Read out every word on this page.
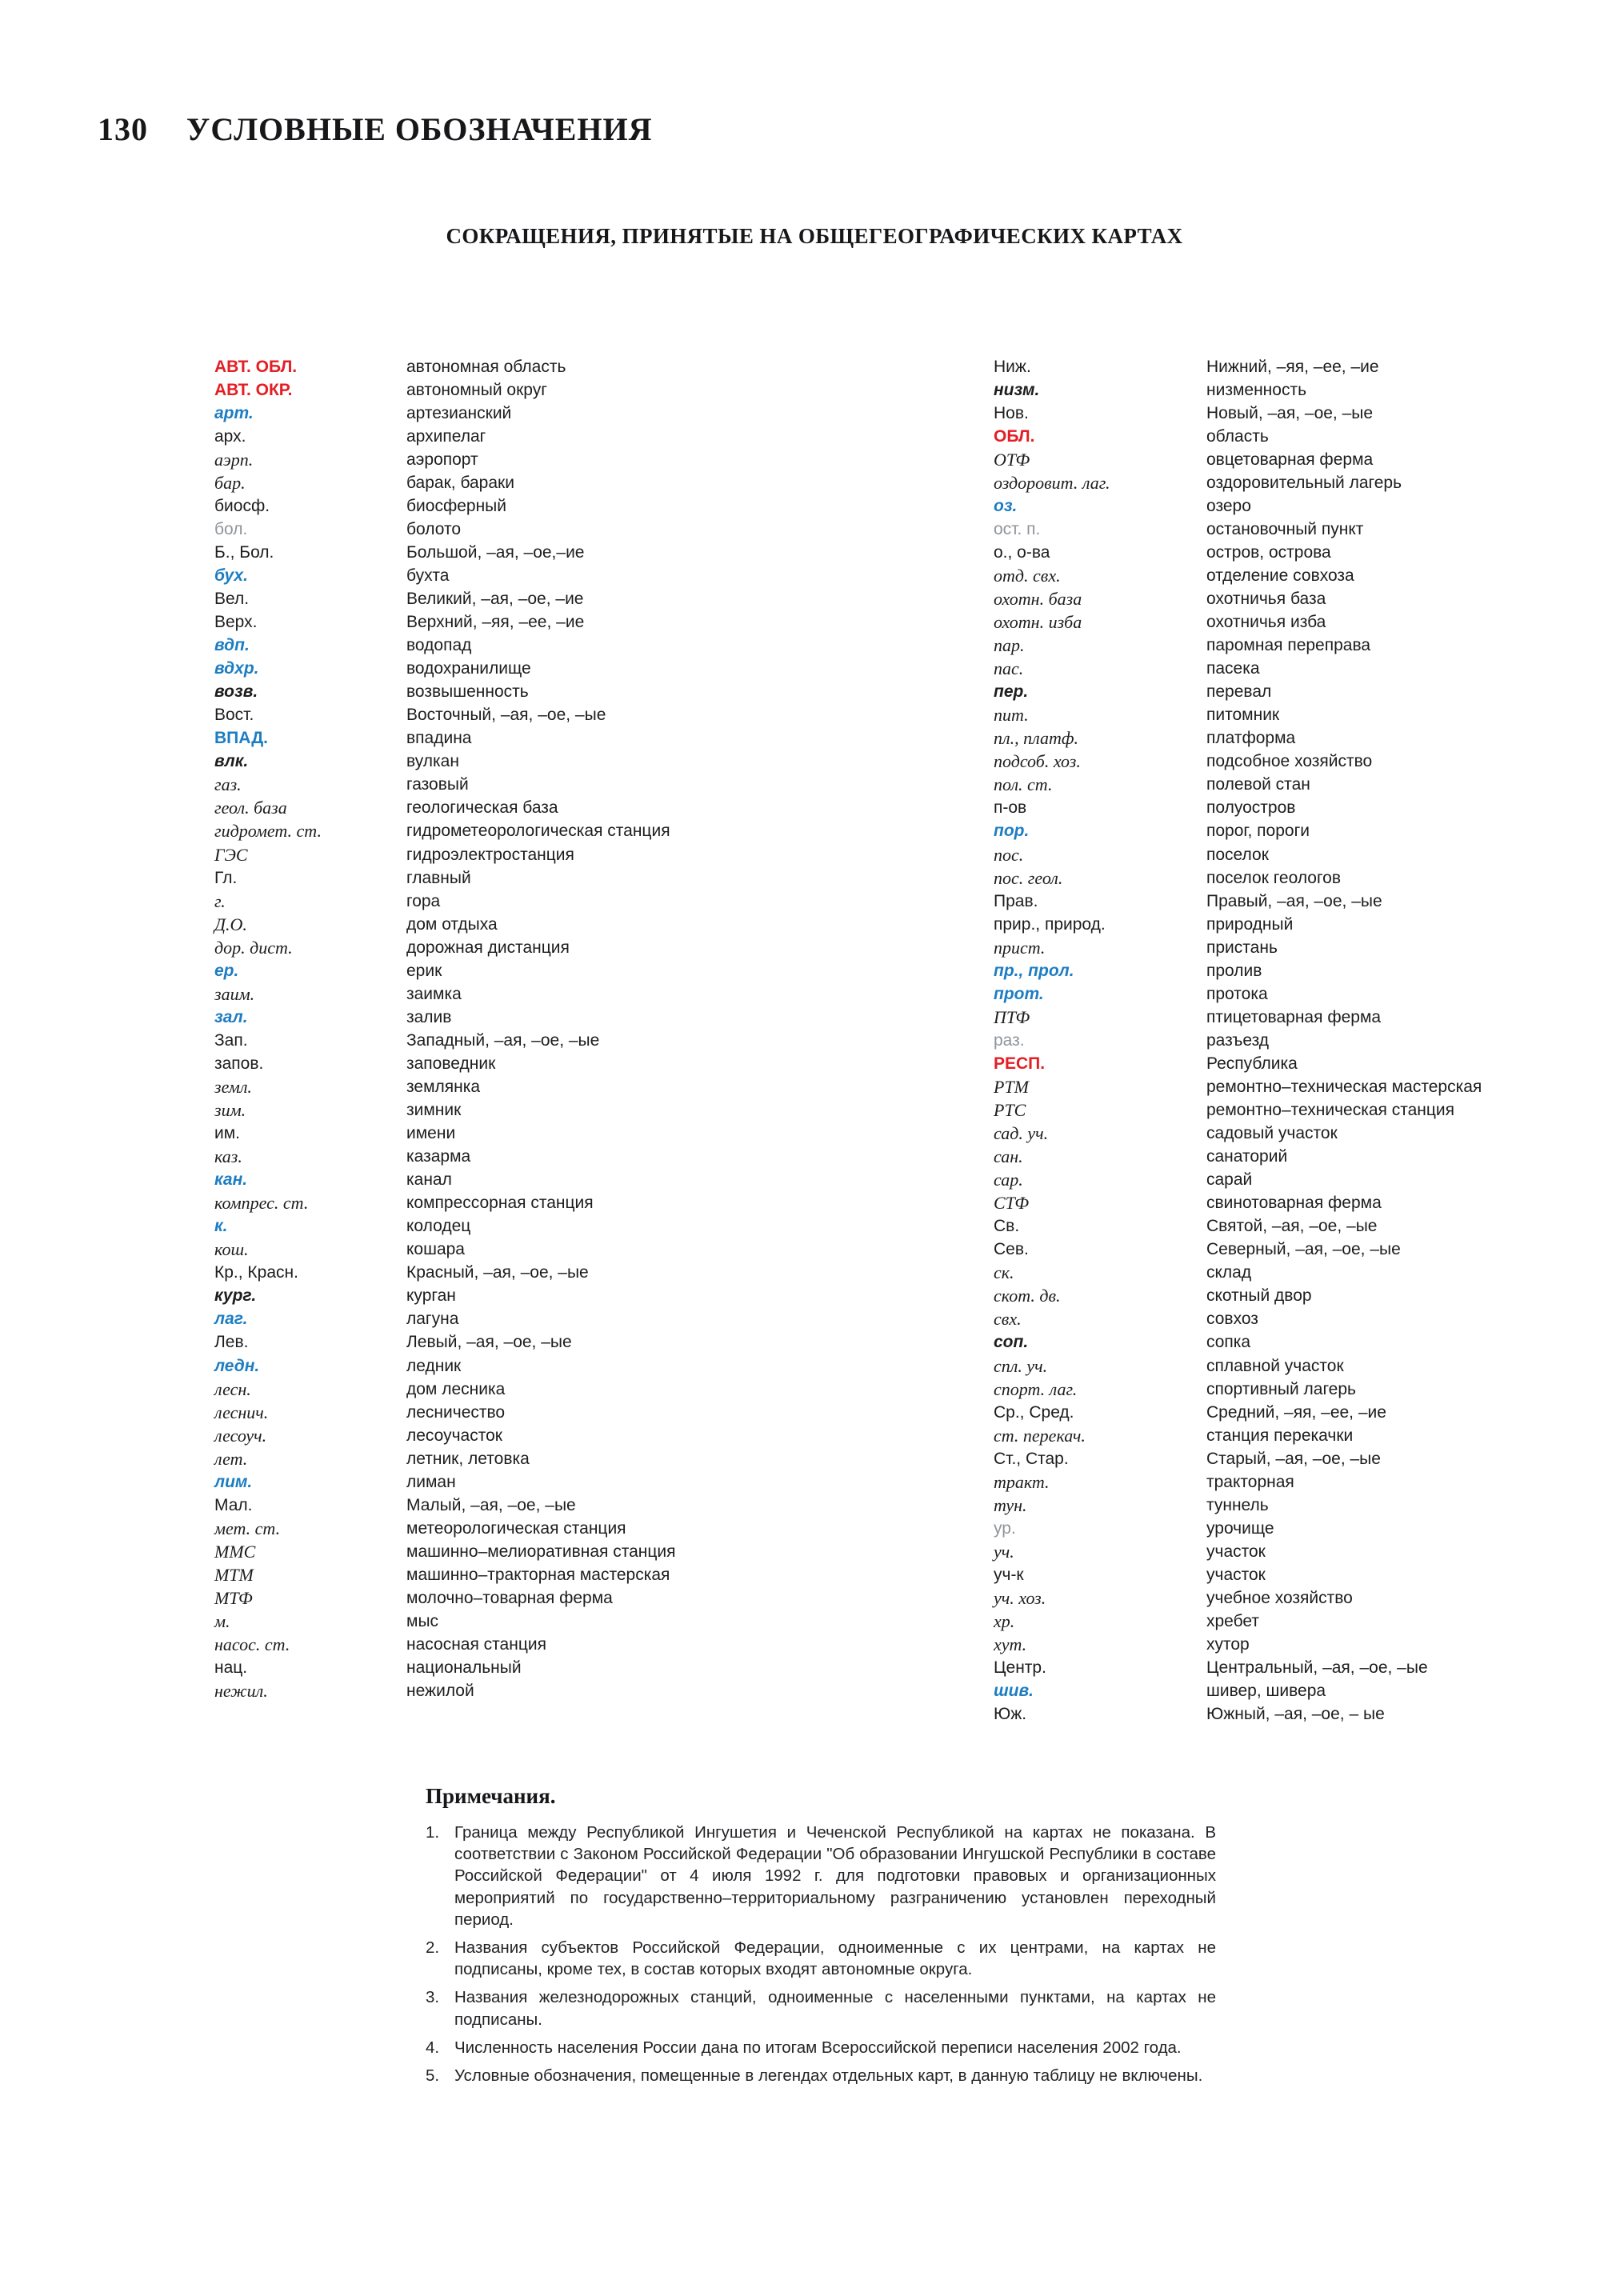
130 УСЛОВНЫЕ ОБОЗНАЧЕНИЯ
СОКРАЩЕНИЯ, ПРИНЯТЫЕ НА ОБЩЕГЕОГРАФИЧЕСКИХ КАРТАХ
АВТ. ОБЛ.	автономная область
АВТ. ОКР.	автономный округ
арт.	артезианский
арх.	архипелаг
аэрп.	аэропорт
бар.	барак, бараки
биосф.	биосферный
бол.	болото
Б., Бол.	Большой, –ая, –ое,–ие
бух.	бухта
Вел.	Великий, –ая, –ое, –ие
Верх.	Верхний, –яя, –ее, –ие
вдп.	водопад
вдхр.	водохранилище
возв.	возвышенность
Вост.	Восточный, –ая, –ое, –ые
ВПАД.	впадина
влк.	вулкан
газ.	газовый
геол. база	геологическая база
гидромет. ст.	гидрометеорологическая станция
ГЭС	гидроэлектростанция
Гл.	главный
г.	гора
Д.О.	дом отдыха
дор. дист.	дорожная дистанция
ер.	ерик
заим.	заимка
зал.	залив
Зап.	Западный, –ая, –ое, –ые
запов.	заповедник
земл.	землянка
зим.	зимник
им.	имени
каз.	казарма
кан.	канал
компрес. ст.	компрессорная станция
к.	колодец
кош.	кошара
Кр., Красн.	Красный, –ая, –ое, –ые
кург.	курган
лаг.	лагуна
Лев.	Левый, –ая, –ое, –ые
ледн.	ледник
лесн.	дом лесника
леснич.	лесничество
лесоуч.	лесоучасток
лет.	летник, летовка
лим.	лиман
Мал.	Малый, –ая, –ое, –ые
мет. ст.	метеорологическая станция
ММС	машинно–мелиоративная станция
МТМ	машинно–тракторная мастерская
МТФ	молочно–товарная ферма
м.	мыс
насос. ст.	насосная станция
нац.	национальный
нежил.	нежилой
Ниж.	Нижний, –яя, –ее, –ие
низм.	низменность
Нов.	Новый, –ая, –ое, –ые
ОБЛ.	область
ОТФ	овцетоварная ферма
оздоровит. лаг.	оздоровительный лагерь
оз.	озеро
ост. п.	остановочный пункт
о., о-ва	остров, острова
отд. свх.	отделение совхоза
охотн. база	охотничья база
охотн. изба	охотничья изба
пар.	паромная переправа
пас.	пасека
пер.	перевал
пит.	питомник
пл., платф.	платформа
подсоб. хоз.	подсобное хозяйство
пол. ст.	полевой стан
п-ов	полуостров
пор.	порог, пороги
пос.	поселок
пос. геол.	поселок геологов
Прав.	Правый, –ая, –ое, –ые
прир., природ.	природный
прист.	пристань
пр., прол.	пролив
прот.	протока
ПТФ	птицетоварная ферма
раз.	разъезд
РЕСП.	Республика
РТМ	ремонтно–техническая мастерская
РТС	ремонтно–техническая станция
сад. уч.	садовый участок
сан.	санаторий
сар.	сарай
СТФ	свинотоварная ферма
Св.	Святой, –ая, –ое, –ые
Сев.	Северный, –ая, –ое, –ые
ск.	склад
скот. дв.	скотный двор
свх.	совхоз
соп.	сопка
спл. уч.	сплавной участок
спорт. лаг.	спортивный лагерь
Ср., Сред.	Средний, –яя, –ее, –ие
ст. перекач.	станция перекачки
Ст., Стар.	Старый, –ая, –ое, –ые
тракт.	тракторная
тун.	туннель
ур.	урочище
уч.	участок
уч-к	участок
уч. хоз.	учебное хозяйство
хр.	хребет
хут.	хутор
Центр.	Центральный, –ая, –ое, –ые
шив.	шивер, шивера
Юж.	Южный, –ая, –ое, – ые
Примечания.
1. Граница между Республикой Ингушетия и Чеченской Республикой на картах не показана. В соответствии с Законом Российской Федерации "Об образовании Ингушской Республики в составе Российской Федерации" от 4 июля 1992 г. для подготовки правовых и организационных мероприятий по государственно–территориальному разграничению установлен переходный период.
2. Названия субъектов Российской Федерации, одноименные с их центрами, на картах не подписаны, кроме тех, в состав которых входят автономные округа.
3. Названия железнодорожных станций, одноименные с населенными пунктами, на картах не подписаны.
4. Численность населения России дана по итогам Всероссийской переписи населения 2002 года.
5. Условные обозначения, помещенные в легендах отдельных карт, в данную таблицу не включены.
